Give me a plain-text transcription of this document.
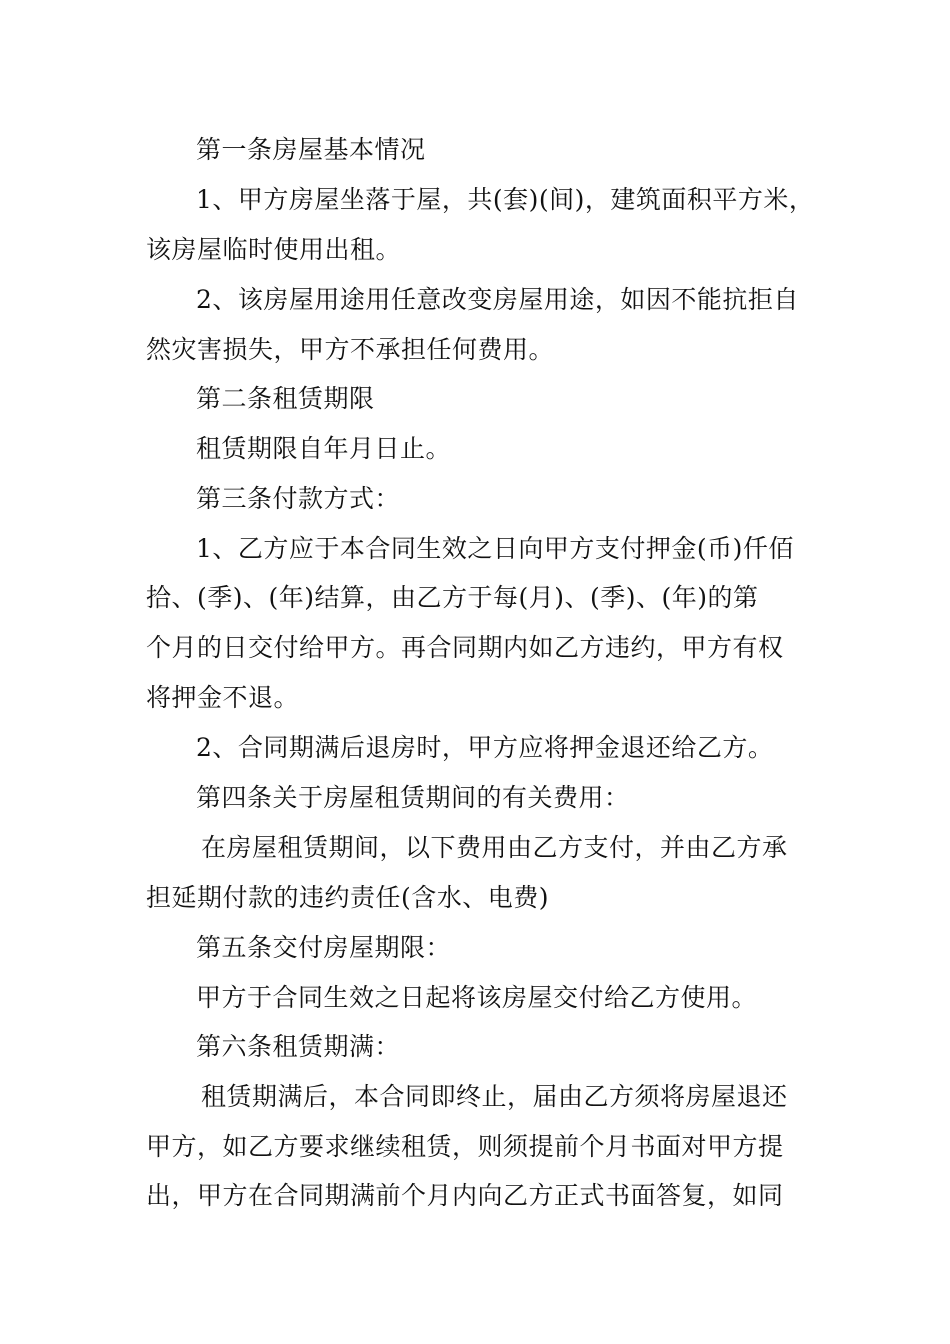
第一条房屋基本情况
1、甲方房屋坐落于屋，共(套)(间)，建筑面积平方米，
该房屋临时使用出租。
2、该房屋用途用任意改变房屋用途，如因不能抗拒自
然灾害损失，甲方不承担任何费用。
第二条租赁期限
租赁期限自年月日止。
第三条付款方式：
1、乙方应于本合同生效之日向甲方支付押金(币)仟佰
拾、(季)、(年)结算，由乙方于每(月)、(季)、(年)的第
个月的日交付给甲方。再合同期内如乙方违约，甲方有权
将押金不退。
2、合同期满后退房时，甲方应将押金退还给乙方。
第四条关于房屋租赁期间的有关费用：
在房屋租赁期间，以下费用由乙方支付，并由乙方承
担延期付款的违约责任(含水、电费)
第五条交付房屋期限：
甲方于合同生效之日起将该房屋交付给乙方使用。
第六条租赁期满：
租赁期满后，本合同即终止，届由乙方须将房屋退还
甲方，如乙方要求继续租赁，则须提前个月书面对甲方提
出，甲方在合同期满前个月内向乙方正式书面答复，如同
